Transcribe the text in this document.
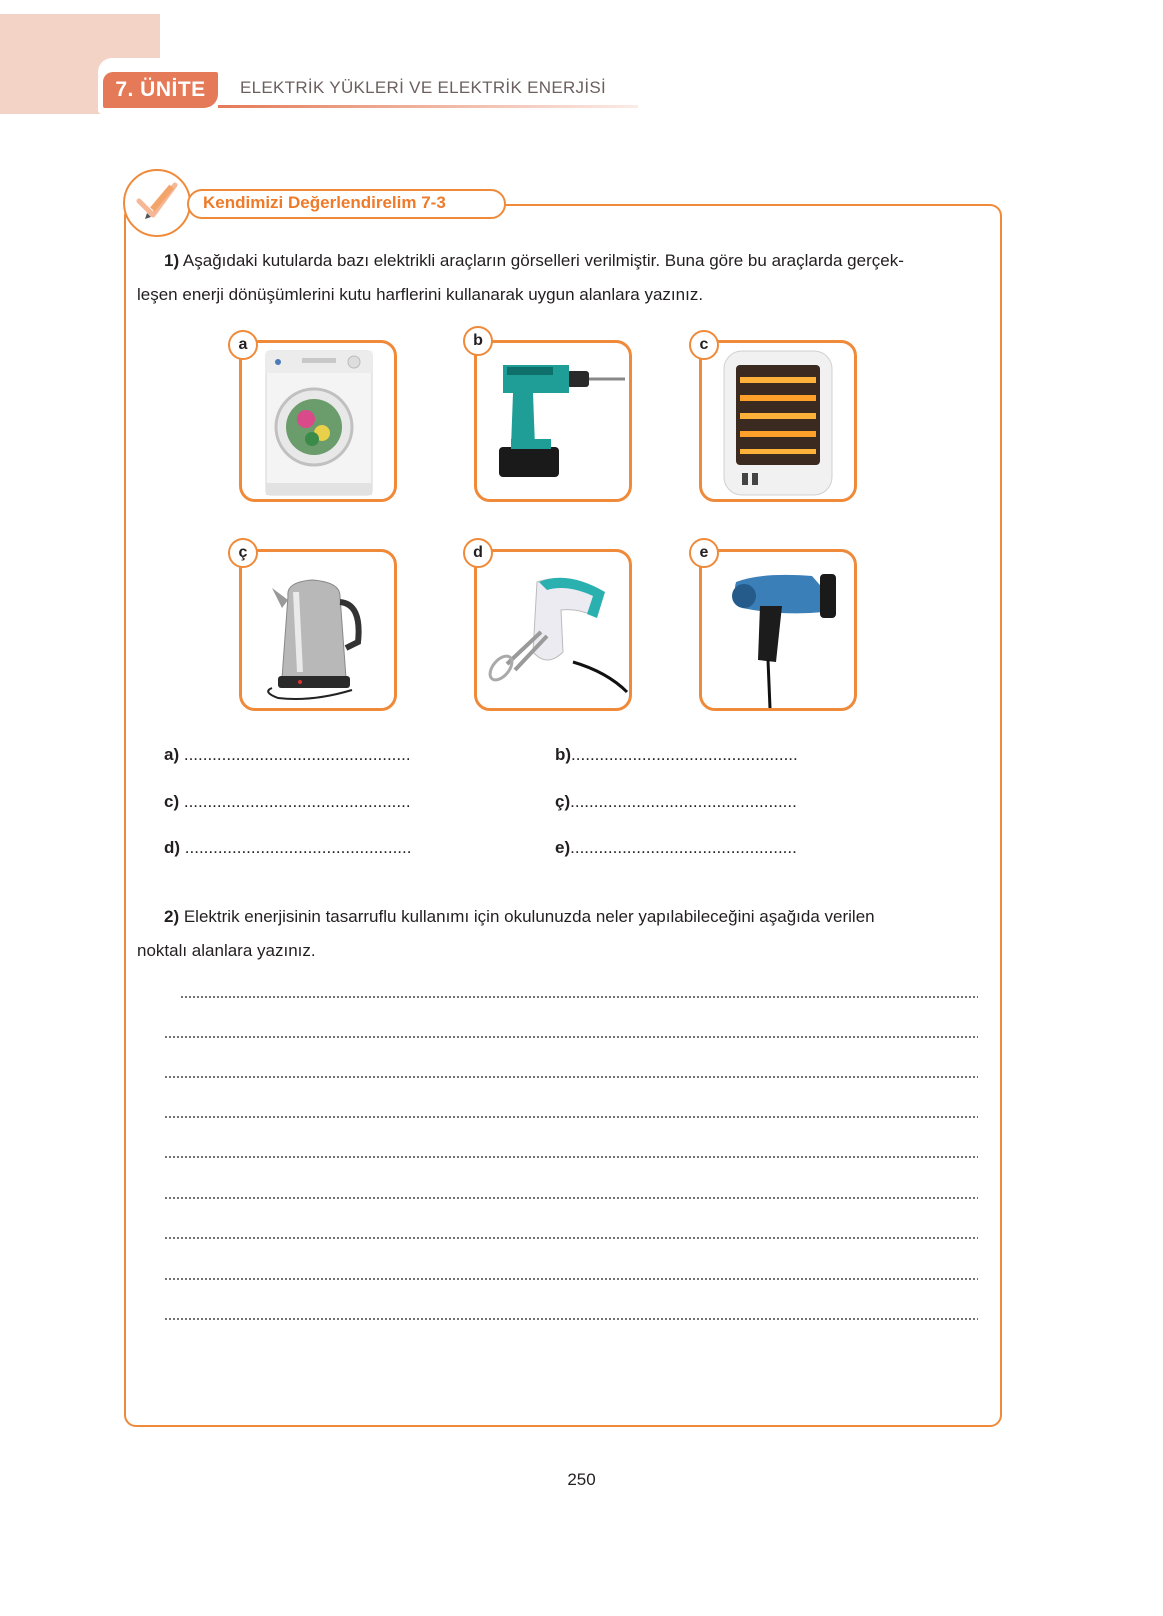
7. ÜNİTE	ELEKTRİK YÜKLERİ VE ELEKTRİK ENERJİSİ
Kendimizi Değerlendirelim 7-3
1) Aşağıdaki kutularda bazı elektrikli araçların görselleri verilmiştir. Buna göre bu araçlarda gerçek-
leşen enerji dönüşümlerini kutu harflerini kullanarak uygun alanlara yazınız.
a	b	c
ç	d	e
a) ................................................	b)................................................
c) ................................................	ç)................................................
d) ................................................	e)................................................
2) Elektrik enerjisinin tasarruflu kullanımı için okulunuzda neler yapılabileceğini aşağıda verilen
noktalı alanlara yazınız.
250
